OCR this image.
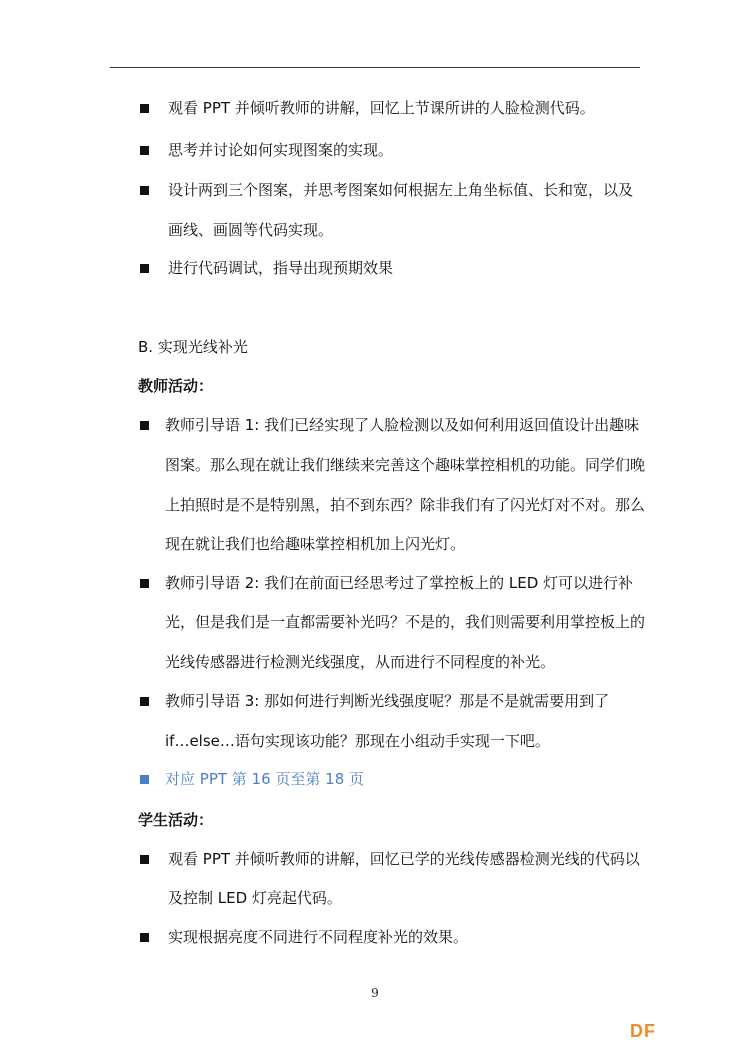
观看 PPT 并倾听教师的讲解，回忆上节课所讲的人脸检测代码。
思考并讨论如何实现图案的实现。
设计两到三个图案，并思考图案如何根据左上角坐标值、长和宽，以及
画线、画圆等代码实现。
进行代码调试，指导出现预期效果
B. 实现光线补光
教师活动：
教师引导语 1: 我们已经实现了人脸检测以及如何利用返回值设计出趣味
图案。那么现在就让我们继续来完善这个趣味掌控相机的功能。同学们晚
上拍照时是不是特别黑，拍不到东西？除非我们有了闪光灯对不对。那么
现在就让我们也给趣味掌控相机加上闪光灯。
教师引导语 2: 我们在前面已经思考过了掌控板上的 LED 灯可以进行补
光，但是我们是一直都需要补光吗？不是的，我们则需要利用掌控板上的
光线传感器进行检测光线强度，从而进行不同程度的补光。
教师引导语 3: 那如何进行判断光线强度呢？那是不是就需要用到了
if…else…语句实现该功能？那现在小组动手实现一下吧。
对应 PPT 第 16 页至第 18 页
学生活动：
观看 PPT 并倾听教师的讲解，回忆已学的光线传感器检测光线的代码以
及控制 LED 灯亮起代码。
实现根据亮度不同进行不同程度补光的效果。
9
DF
